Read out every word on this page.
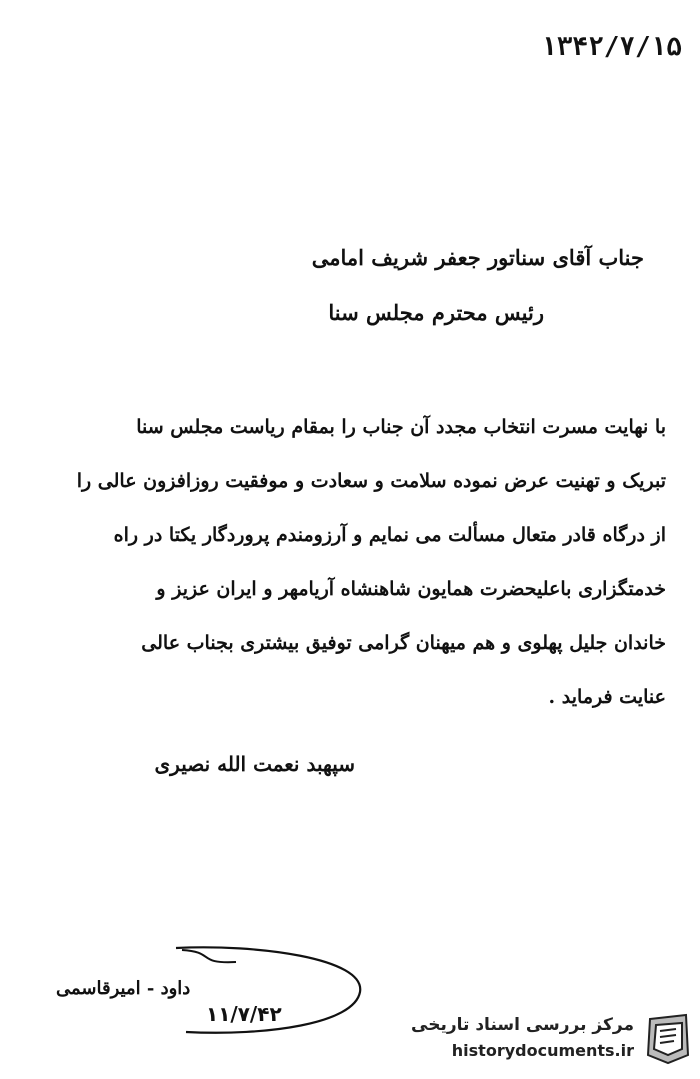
۱۳۴۲/۷/۱۵
جناب آقای سناتور جعفر شریف امامی
رئیس محترم مجلس سنا
با نهایت مسرت انتخاب مجدد آن جناب را بمقام ریاست مجلس سنا
تبریک و تهنیت عرض نموده سلامت و سعادت و موفقیت روزافزون عالی را
از درگاه قادر متعال مسألت می نمایم و آرزومندم پروردگار یکتا در راه
خدمتگزاری باعلیحضرت همایون شاهنشاه آریامهر و ایران عزیز و
خاندان جلیل پهلوی و هم میهنان گرامی توفیق بیشتری بجناب عالی
عنایت فرماید .
سپهبد نعمت الله نصیری
داود - امیرقاسمی
۱۱/۷/۴۲	مرکز بررسی اسناد تاریخی
historydocuments.ir
